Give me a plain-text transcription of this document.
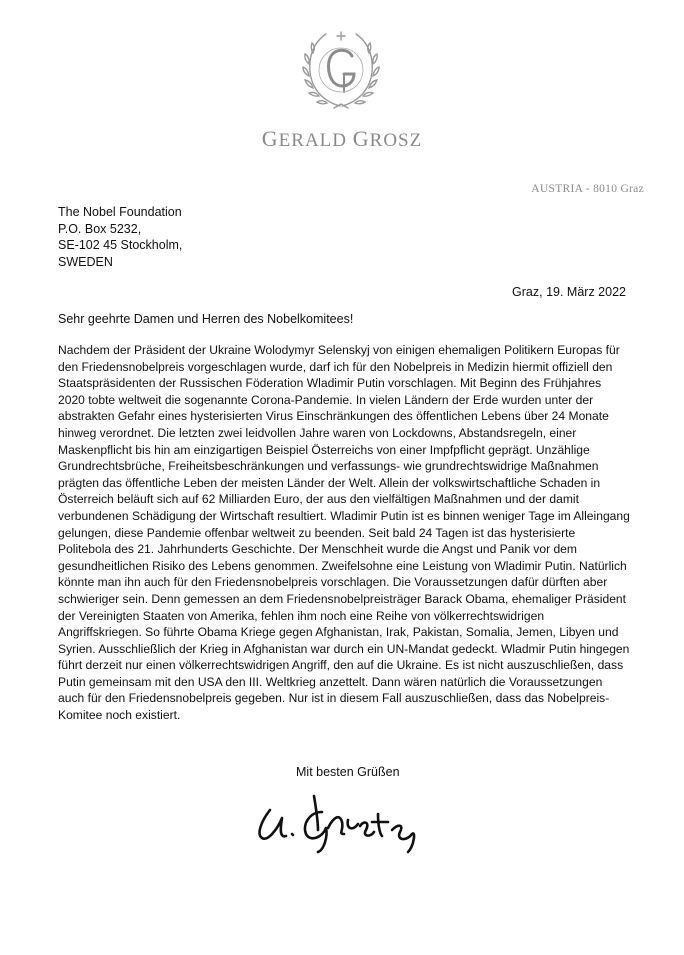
GERALD GROSZ
AUSTRIA - 8010 Graz
The Nobel Foundation
P.O. Box 5232,
SE-102 45 Stockholm,
SWEDEN
Graz, 19. März 2022
Sehr geehrte Damen und Herren des Nobelkomitees!

Nachdem der Präsident der Ukraine Wolodymyr Selenskyj von einigen ehemaligen Politikern Europas für den Friedensnobelpreis vorgeschlagen wurde, darf ich für den Nobelpreis in Medizin hiermit offiziell den Staatspräsidenten der Russischen Föderation Wladimir Putin vorschlagen. Mit Beginn des Frühjahres 2020 tobte weltweit die sogenannte Corona-Pandemie. In vielen Ländern der Erde wurden unter der abstrakten Gefahr eines hysterisierten Virus Einschränkungen des öffentlichen Lebens über 24 Monate hinweg verordnet. Die letzten zwei leidvollen Jahre waren von Lockdowns, Abstandsregeln, einer Maskenpflicht bis hin am einzigartigen Beispiel Österreichs von einer Impfpflicht geprägt. Unzählige Grundrechtsbrüche, Freiheitsbeschränkungen und verfassungs- wie grundrechtswidrige Maßnahmen prägten das öffentliche Leben der meisten Länder der Welt. Allein der volkswirtschaftliche Schaden in Österreich beläuft sich auf 62 Milliarden Euro, der aus den vielfältigen Maßnahmen und der damit verbundenen Schädigung der Wirtschaft resultiert. Wladimir Putin ist es binnen weniger Tage im Alleingang gelungen, diese Pandemie offenbar weltweit zu beenden. Seit bald 24 Tagen ist das hysterisierte Politebola des 21. Jahrhunderts Geschichte. Der Menschheit wurde die Angst und Panik vor dem gesundheitlichen Risiko des Lebens genommen. Zweifelsohne eine Leistung von Wladimir Putin. Natürlich könnte man ihn auch für den Friedensnobelpreis vorschlagen. Die Voraussetzungen dafür dürften aber schwieriger sein. Denn gemessen an dem Friedensnobelpreisträger Barack Obama, ehemaliger Präsident der Vereinigten Staaten von Amerika, fehlen ihm noch eine Reihe von völkerrechtswidrigen Angriffskriegen. So führte Obama Kriege gegen Afghanistan, Irak, Pakistan, Somalia, Jemen, Libyen und Syrien. Ausschließlich der Krieg in Afghanistan war durch ein UN-Mandat gedeckt. Wladmir Putin hingegen führt derzeit nur einen völkerrechtswidrigen Angriff, den auf die Ukraine. Es ist nicht auszuschließen, dass Putin gemeinsam mit den USA den III. Weltkrieg anzettelt. Dann wären natürlich die Voraussetzungen auch für den Friedensnobelpreis gegeben. Nur ist in diesem Fall auszuschließen, dass das Nobelpreis-Komitee noch existiert.

Mit besten Grüßen
